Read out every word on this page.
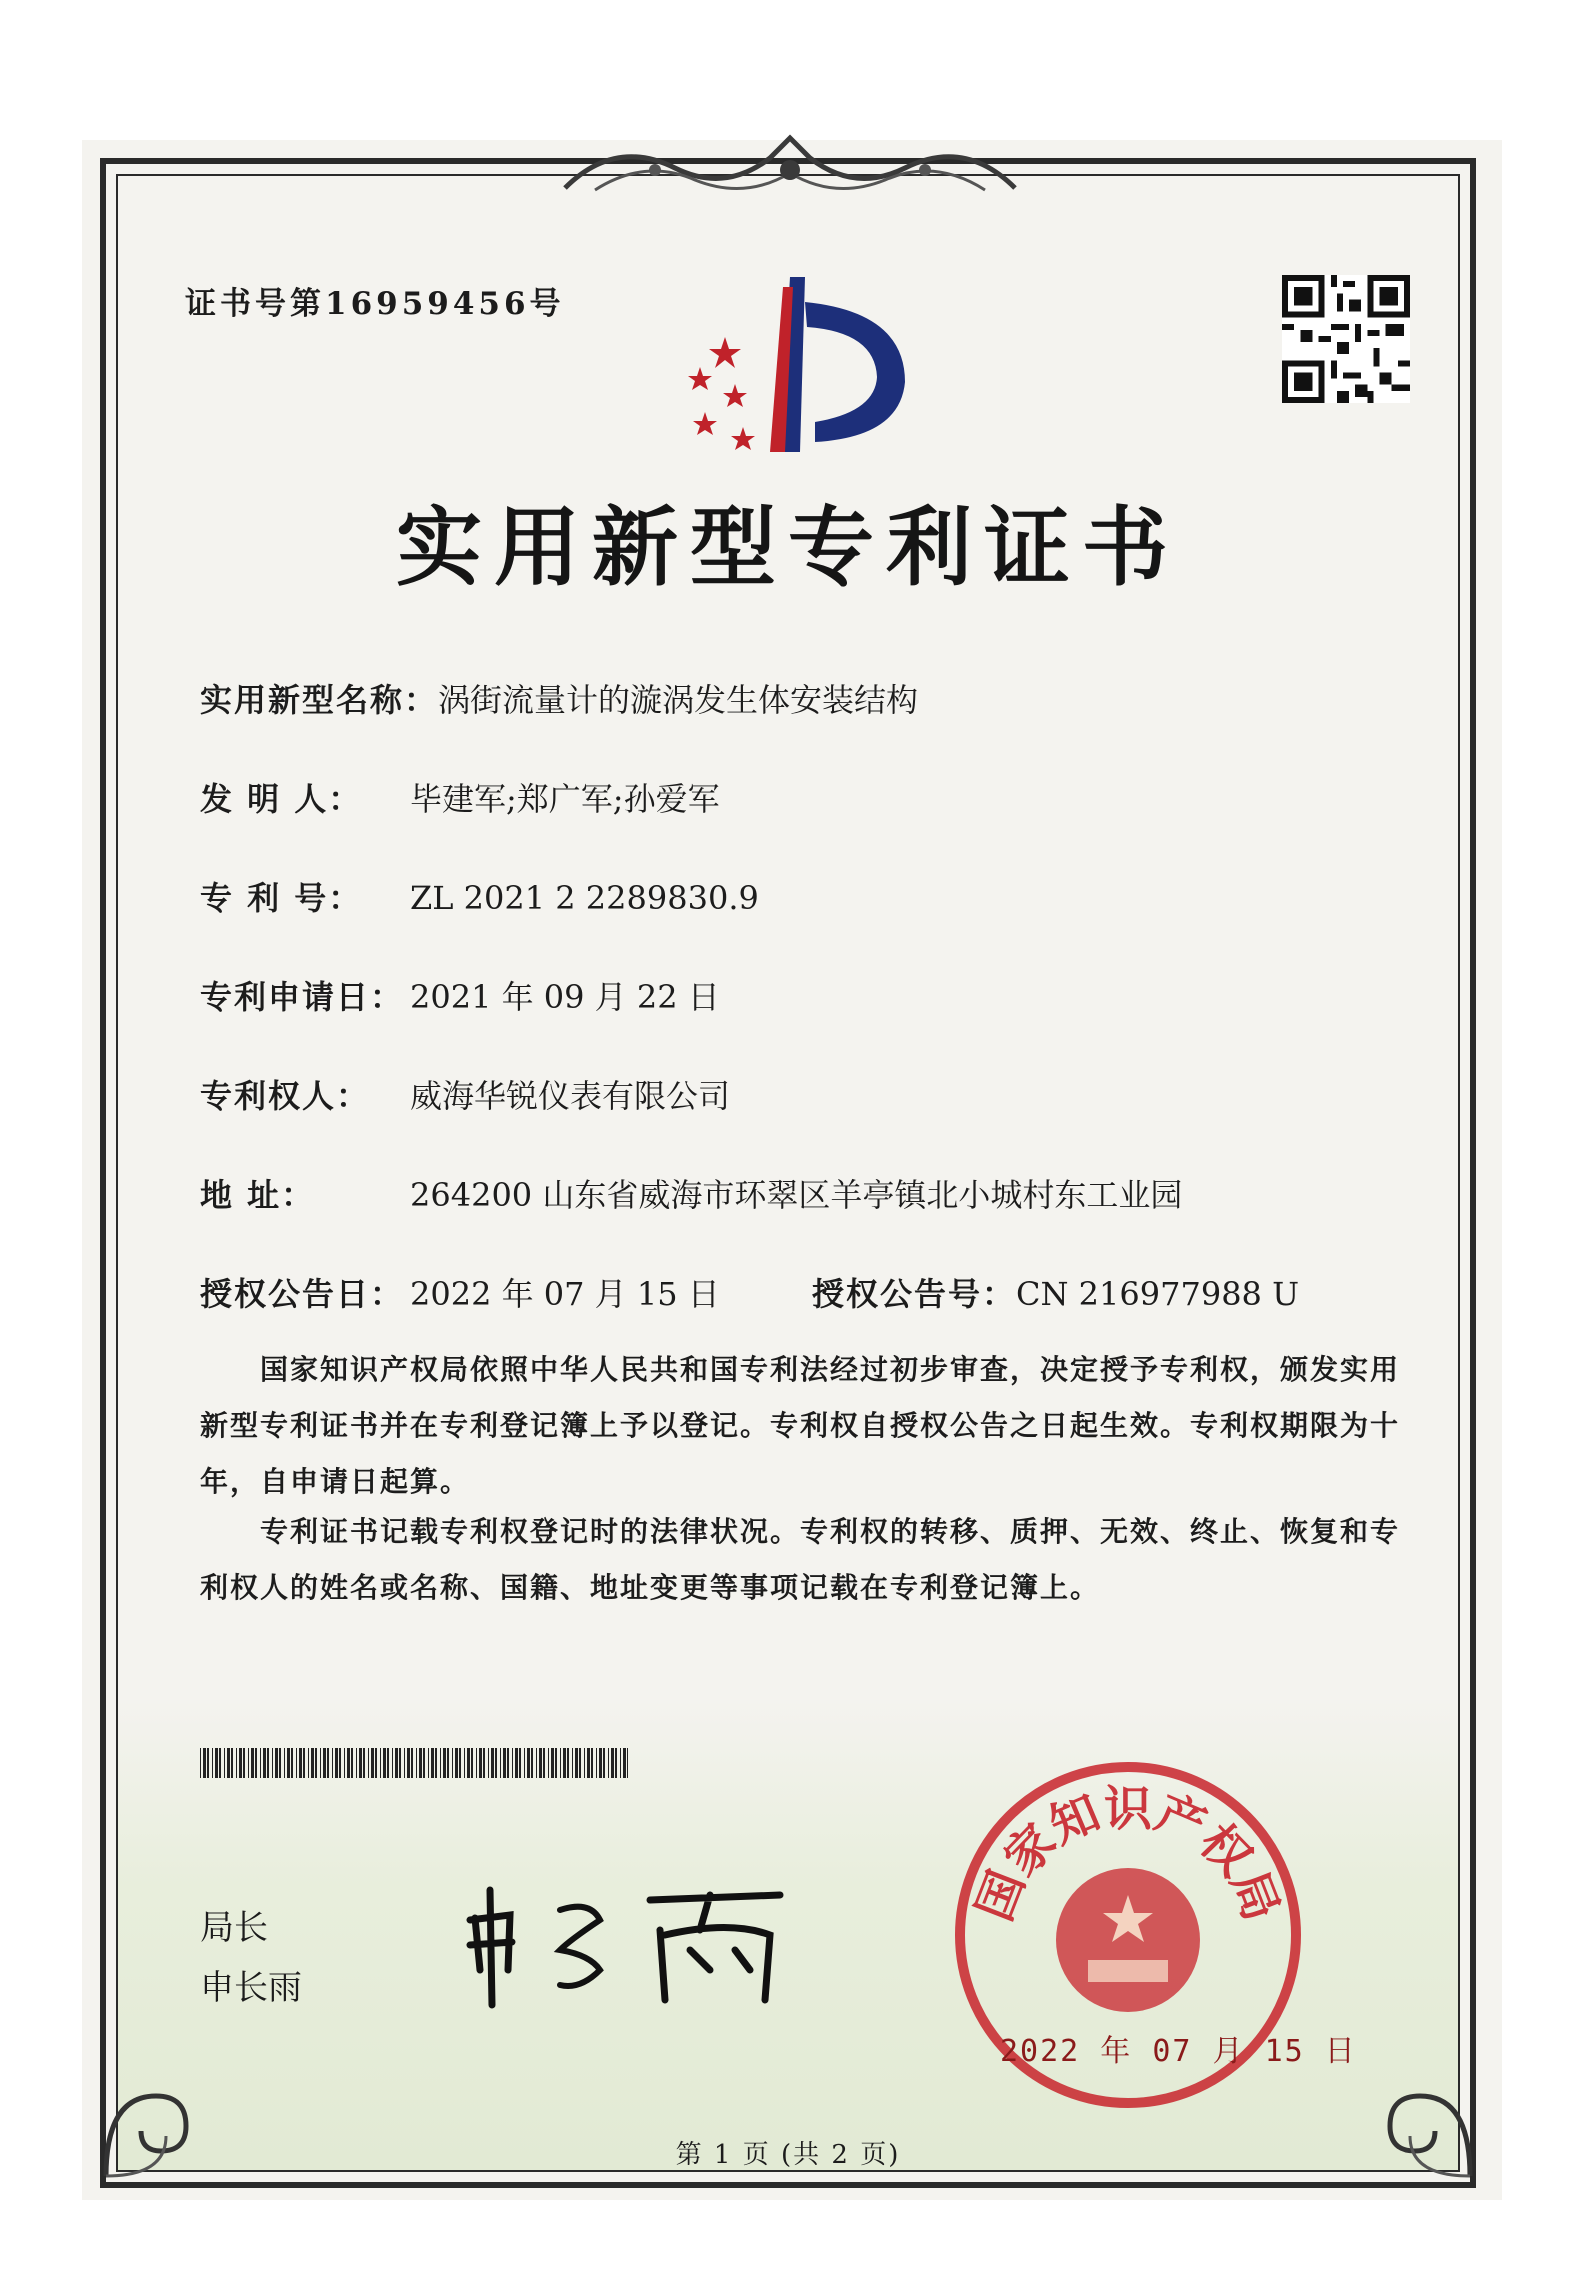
证书号第16959456号
实用新型专利证书
实用新型名称：涡街流量计的漩涡发生体安装结构
发 明 人： 毕建军;郑广军;孙爱军
专 利 号： ZL 2021 2 2289830.9
专利申请日： 2021 年 09 月 22 日
专利权人： 威海华锐仪表有限公司
地 址：	264200 山东省威海市环翠区羊亭镇北小城村东工业园
授权公告日： 2022 年 07 月 15 日	授权公告号：CN 216977988 U
国家知识产权局依照中华人民共和国专利法经过初步审查，决定授予专利权，颁发实用新型专利证书并在专利登记簿上予以登记。专利权自授权公告之日起生效。专利权期限为十年，自申请日起算。
专利证书记载专利权登记时的法律状况。专利权的转移、质押、无效、终止、恢复和专利权人的姓名或名称、国籍、地址变更等事项记载在专利登记簿上。
局长
申长雨
国家知识产权局
2022 年 07 月 15 日
第 1 页 (共 2 页)
